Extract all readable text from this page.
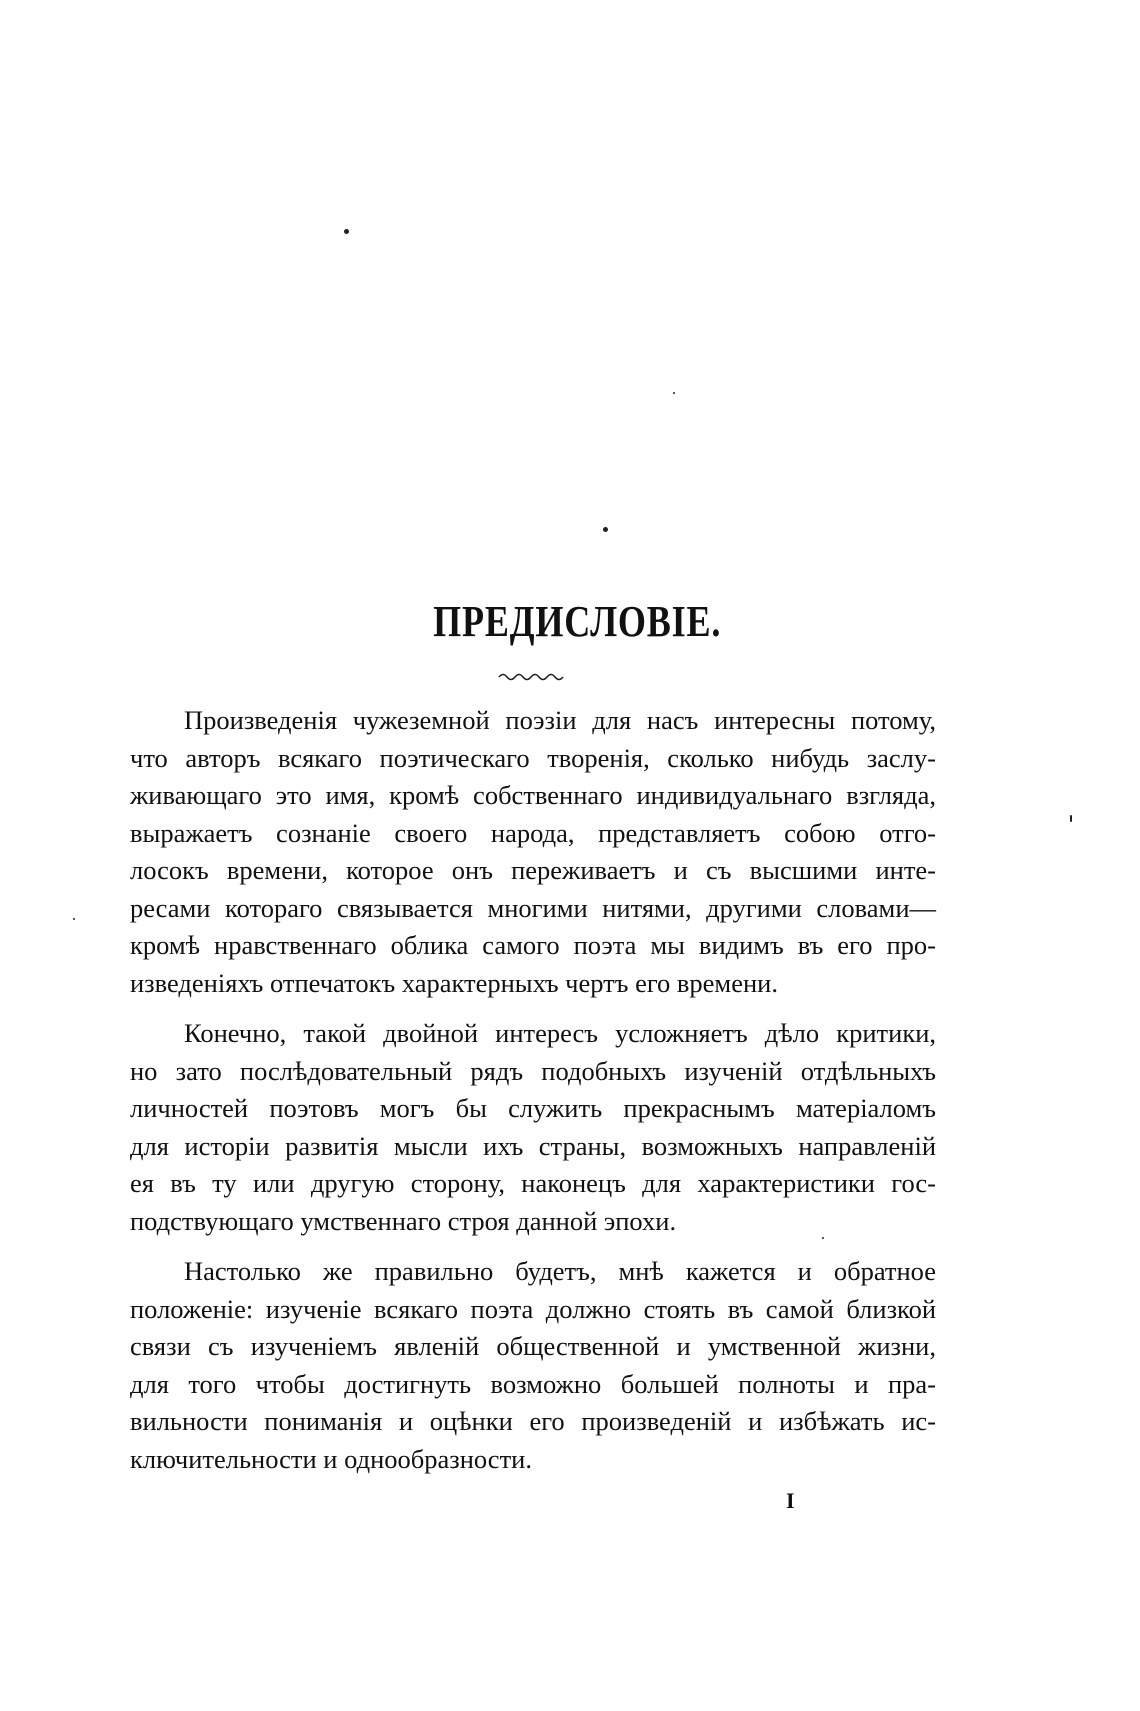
ПРЕДИСЛОВІЕ.

Произведенія чужеземной поэзіи для насъ интересны потому,
что авторъ всякаго поэтическаго творенія, сколько нибудь заслу-
живающаго это имя, кромѣ собственнаго индивидуальнаго взгляда,
выражаетъ сознаніе своего народа, представляетъ собою отго-
лосокъ времени, которое онъ переживаетъ и съ высшими инте-
ресами котораго связывается многими нитями, другими словами—
кромѣ нравственнаго облика самого поэта мы видимъ въ его про-
изведеніяхъ отпечатокъ характерныхъ чертъ его времени.

Конечно, такой двойной интересъ усложняетъ дѣло критики,
но зато послѣдовательный рядъ подобныхъ изученій отдѣльныхъ
личностей поэтовъ могъ бы служить прекраснымъ матеріаломъ
для исторіи развитія мысли ихъ страны, возможныхъ направленій
ея въ ту или другую сторону, наконецъ для характеристики гос-
подствующаго умственнаго строя данной эпохи.

Настолько же правильно будетъ, мнѣ кажется и обратное
положеніе: изученіе всякаго поэта должно стоять въ самой близкой
связи съ изученіемъ явленій общественной и умственной жизни,
для того чтобы достигнуть возможно большей полноты и пра-
вильности пониманія и оцѣнки его произведеній и избѣжать ис-
ключительности и однообразности.

I
